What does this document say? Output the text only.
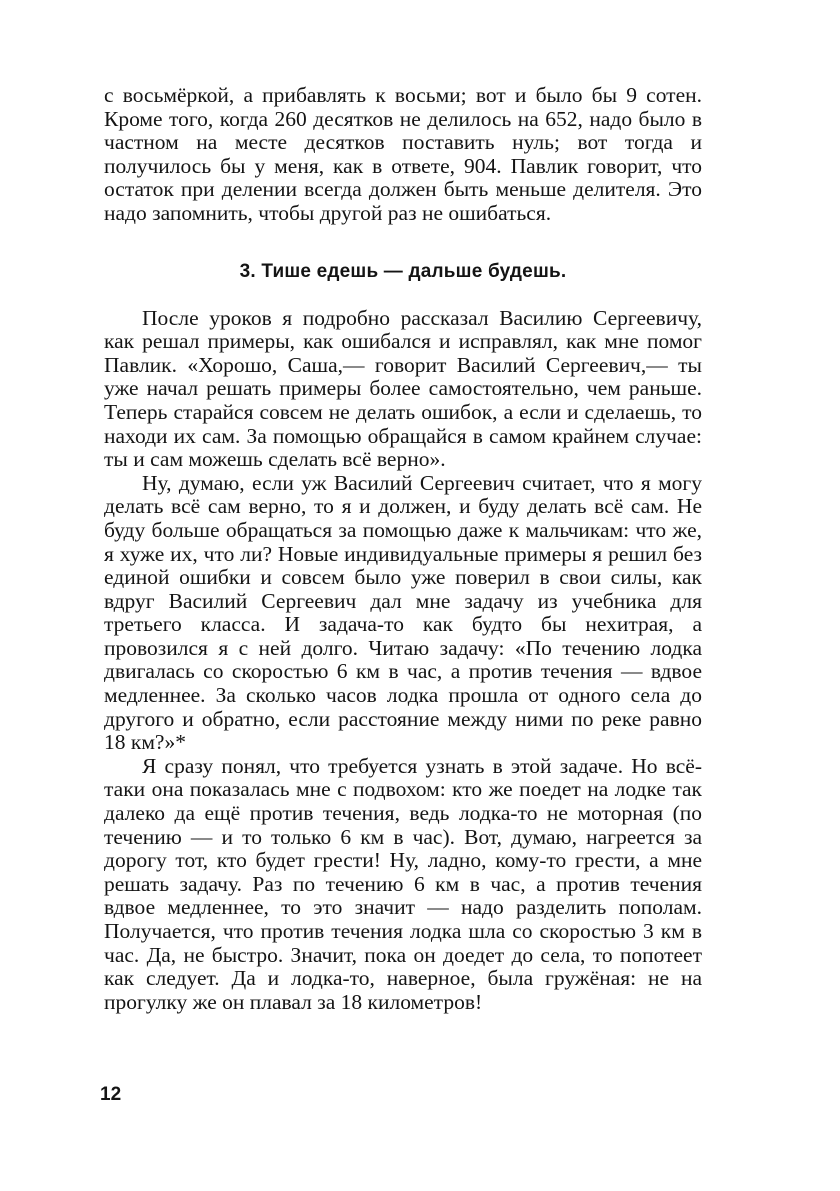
с восьмёркой, а прибавлять к восьми; вот и было бы 9 сотен. Кроме того, когда 260 десятков не делилось на 652, надо было в частном на месте десятков поставить нуль; вот тогда и получилось бы у меня, как в ответе, 904. Павлик говорит, что остаток при делении всегда должен быть меньше делителя. Это надо запомнить, чтобы другой раз не ошибаться.

3. Тише едешь — дальше будешь.

После уроков я подробно рассказал Василию Сергеевичу, как решал примеры, как ошибался и исправлял, как мне помог Павлик. «Хорошо, Саша,— говорит Василий Сергеевич,— ты уже начал решать примеры более самостоятельно, чем раньше. Теперь старайся совсем не делать ошибок, а если и сделаешь, то находи их сам. За помощью обращайся в самом крайнем случае: ты и сам можешь сделать всё верно».

Ну, думаю, если уж Василий Сергеевич считает, что я могу делать всё сам верно, то я и должен, и буду делать всё сам. Не буду больше обращаться за помощью даже к мальчикам: что же, я хуже их, что ли? Новые индивидуальные примеры я решил без единой ошибки и совсем было уже поверил в свои силы, как вдруг Василий Сергеевич дал мне задачу из учебника для третьего класса. И задача-то как будто бы нехитрая, а провозился я с ней долго. Читаю задачу: «По течению лодка двигалась со скоростью 6 км в час, а против течения — вдвое медленнее. За сколько часов лодка прошла от одного села до другого и обратно, если расстояние между ними по реке равно 18 км?»*

Я сразу понял, что требуется узнать в этой задаче. Но всё-таки она показалась мне с подвохом: кто же поедет на лодке так далеко да ещё против течения, ведь лодка-то не моторная (по течению — и то только 6 км в час). Вот, думаю, нагреется за дорогу тот, кто будет грести! Ну, ладно, кому-то грести, а мне решать задачу. Раз по течению 6 км в час, а против течения вдвое медленнее, то это значит — надо разделить пополам. Получается, что против течения лодка шла со скоростью 3 км в час. Да, не быстро. Значит, пока он доедет до села, то попотеет как следует. Да и лодка-то, наверное, была гружёная: не на прогулку же он плавал за 18 километров!

12
